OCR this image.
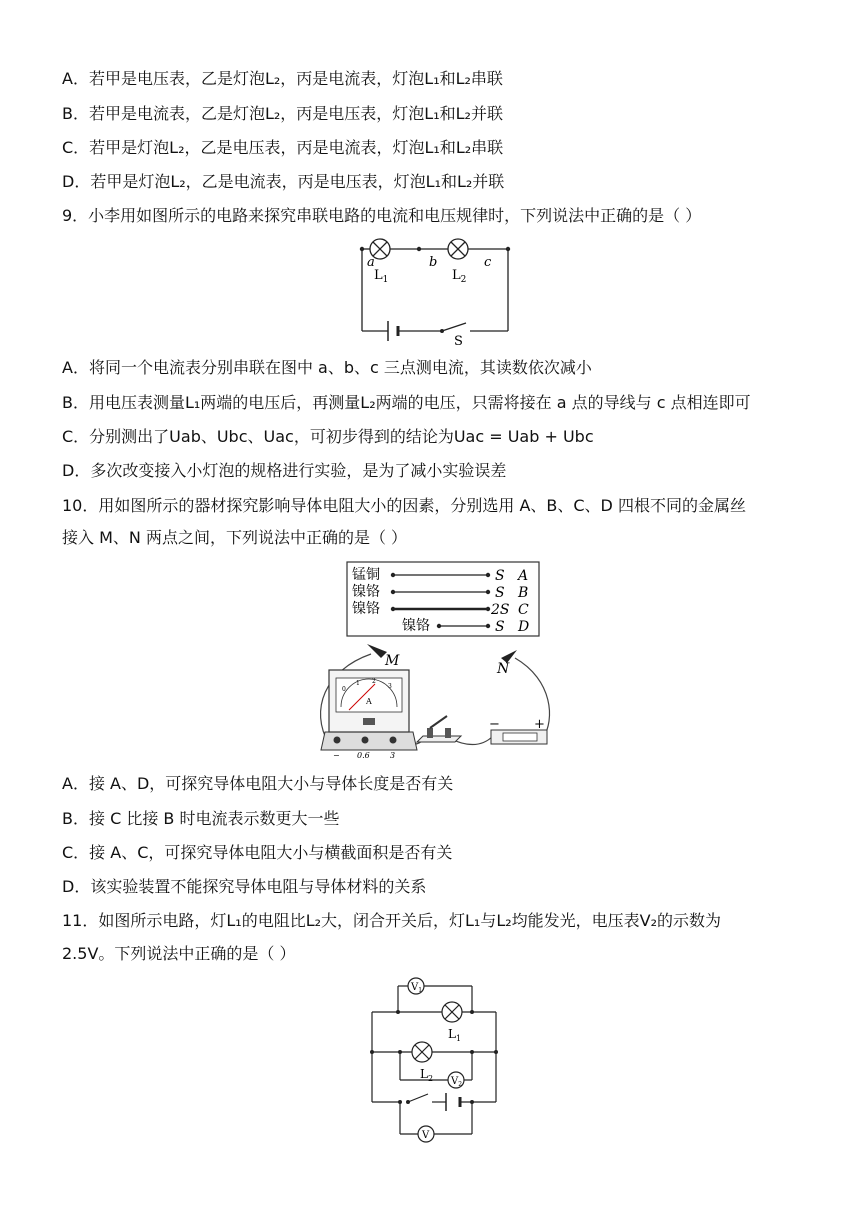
A．若甲是电压表，乙是灯泡L₂，丙是电流表，灯泡L₁和L₂串联
B．若甲是电流表，乙是灯泡L₂，丙是电压表，灯泡L₁和L₂并联
C．若甲是灯泡L₂，乙是电压表，丙是电流表，灯泡L₁和L₂串联
D．若甲是灯泡L₂，乙是电流表，丙是电压表，灯泡L₁和L₂并联
9．小李用如图所示的电路来探究串联电路的电流和电压规律时，下列说法中正确的是（ ）
a	b	c
$L_1$	$L_2$
S
A．将同一个电流表分别串联在图中 a、b、c 三点测电流，其读数依次减小
B．用电压表测量L₁两端的电压后，再测量L₂两端的电压，只需将接在 a 点的导线与 c 点相连即可
C．分别测出了Uab、Ubc、Uac，可初步得到的结论为Uac = Uab + Ubc
D．多次改变接入小灯泡的规格进行实验，是为了减小实验误差
10．用如图所示的器材探究影响导体电阻大小的因素，分别选用 A、B、C、D 四根不同的金属丝
接入 M、N 两点之间，下列说法中正确的是（ ）
锰铜
镍铬
镍铬
镍铬
S A
S B
2S C
S D
M	N
0
1 2
3
A
− 0.6	3
−	+
A．接 A、D，可探究导体电阻大小与导体长度是否有关
B．接 C 比接 B 时电流表示数更大一些
C．接 A、C，可探究导体电阻大小与横截面积是否有关
D．该实验装置不能探究导体电阻与导体材料的关系
11．如图所示电路，灯L₁的电阻比L₂大，闭合开关后，灯L₁与L₂均能发光，电压表V₂的示数为
2.5V。下列说法中正确的是（ ）
$V_1$
$L_1$
$L_2$ $V_2$
V
